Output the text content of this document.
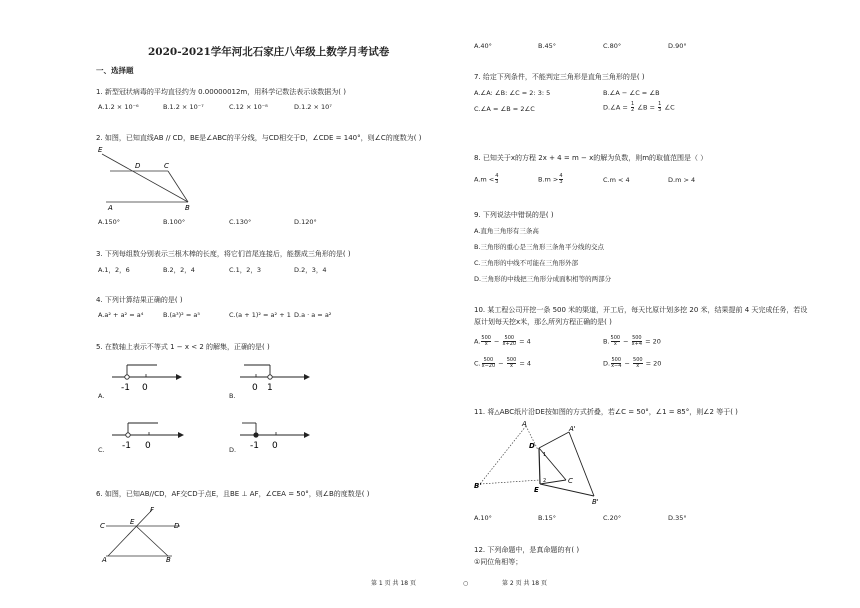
2020-2021学年河北石家庄八年级上数学月考试卷
一、选择题
1. 新型冠状病毒的平均直径约为 0.00000012m，用科学记数法表示该数据为( )
A.1.2 × 10⁻⁶	B.1.2 × 10⁻⁷	C.12 × 10⁻⁸	D.1.2 × 10⁷
2. 如图，已知直线AB // CD，BE是∠ABC的平分线，与CD相交于D，∠CDE = 140°，则∠C的度数为( )
E
D	C
A	B
A.150°	B.100°	C.130°	D.120°
3. 下列每组数分别表示三根木棒的长度，将它们首尾连接后，能摆成三角形的是( )
A.1，2，6	B.2，2，4	C.1，2，3	D.2，3，4
4. 下列计算结果正确的是( )
A.a² + a² = a⁴	B.(a³)² = a⁵	C.(a + 1)² = a² + 1 D.a · a = a²
5. 在数轴上表示不等式 1 − x < 2 的解集，正确的是( )
-1 0
A.
0 1
B.
-1 0
C.	-1 0
D.
6. 如图，已知AB//CD，AF交CD于点E，且BE ⊥ AF，∠CEA = 50°，则∠B的度数是( )
F
C	E	D
A	B
第 1 页 共 18 页	○
A.40°	B.45°	C.80°	D.90°
7. 给定下列条件，不能判定三角形是直角三角形的是( )
A.∠A: ∠B: ∠C = 2: 3: 5	B.∠A − ∠C = ∠B
C.∠A = ∠B = 2∠C	D.∠A = $\frac{1}{2}$ ∠B = $\frac{1}{3}$ ∠C
8. 已知关于x的方程 2x + 4 = m − x的解为负数，则m的取值范围是（ ）
$A.m < \frac{4}{3}$	$B.m > \frac{4}{3}$	C.m < 4	D.m > 4
9. 下列说法中错误的是( )
A.直角三角形有三条高
B.三角形的重心是三角形三条角平分线的交点
C.三角形的中线不可能在三角形外部
D.三角形的中线把三角形分成面积相等的两部分
10. 某工程公司开挖一条 500 米的渠道，开工后，每天比原计划多挖 20 米，结果提前 4 天完成任务，若设
原计划每天挖x米，那么所列方程正确的是( )
A. $\frac{500}{x} - \frac{500}{x+20} = 4$	B. $\frac{500}{x} - \frac{500}{x+4} = 20$
C. $\frac{500}{x-20} - \frac{500}{x} = 4$	D. $\frac{500}{x-4} - \frac{500}{x} = 20$
11. 将△ABC纸片沿DE按如图的方式折叠，若∠C = 50°，∠1 = 85°，则∠2 等于( )
A
A'
D
1
2	C
B'	E
B'
A.10°	B.15°	C.20°	D.35°
12. 下列命题中，是真命题的有( )
①同位角相等；
第 2 页 共 18 页
